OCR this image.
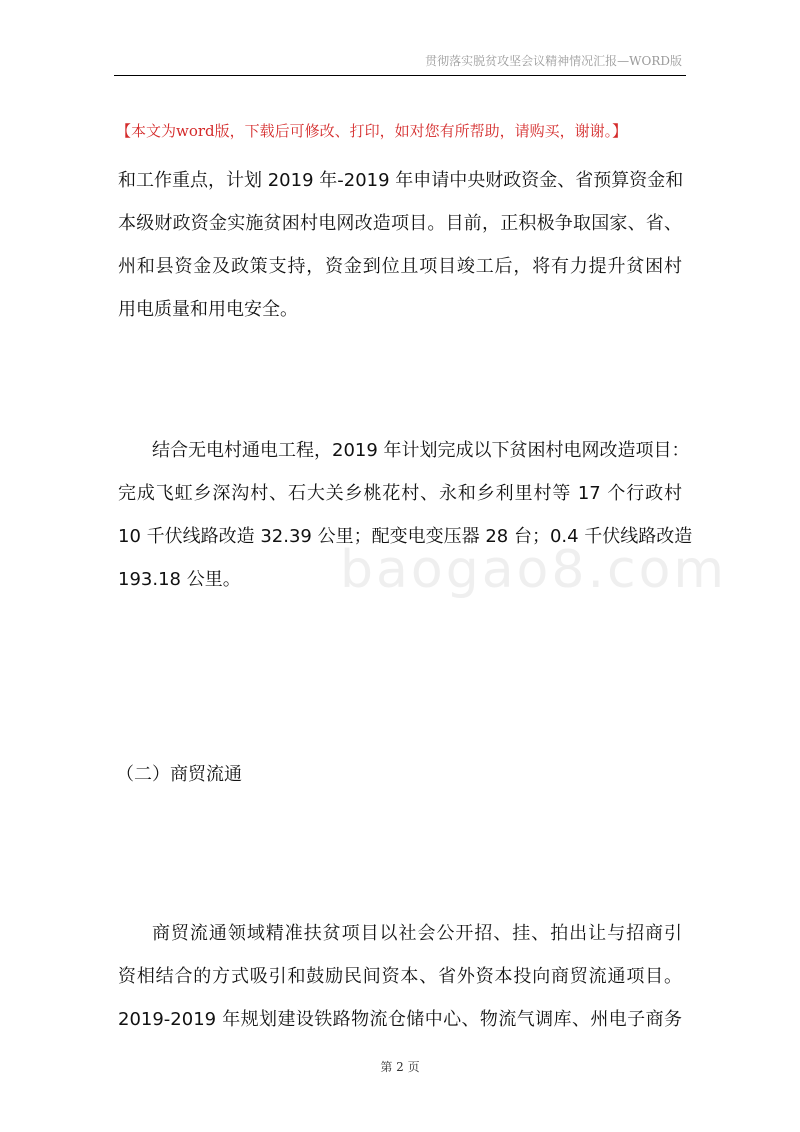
贯彻落实脱贫攻坚会议精神情况汇报—WORD版
baogao8.com
【本文为word版，下载后可修改、打印，如对您有所帮助，请购买，谢谢。】
和工作重点，计划 2019 年-2019 年申请中央财政资金、省预算资金和
本级财政资金实施贫困村电网改造项目。目前，正积极争取国家、省、
州和县资金及政策支持，资金到位且项目竣工后，将有力提升贫困村
用电质量和用电安全。
结合无电村通电工程，2019 年计划完成以下贫困村电网改造项目：
完成飞虹乡深沟村、石大关乡桃花村、永和乡利里村等 17 个行政村
10 千伏线路改造 32.39 公里；配变电变压器 28 台；0.4 千伏线路改造
193.18 公里。
（二）商贸流通
商贸流通领域精准扶贫项目以社会公开招、挂、拍出让与招商引
资相结合的方式吸引和鼓励民间资本、省外资本投向商贸流通项目。
2019-2019 年规划建设铁路物流仓储中心、物流气调库、州电子商务
第 2 页
